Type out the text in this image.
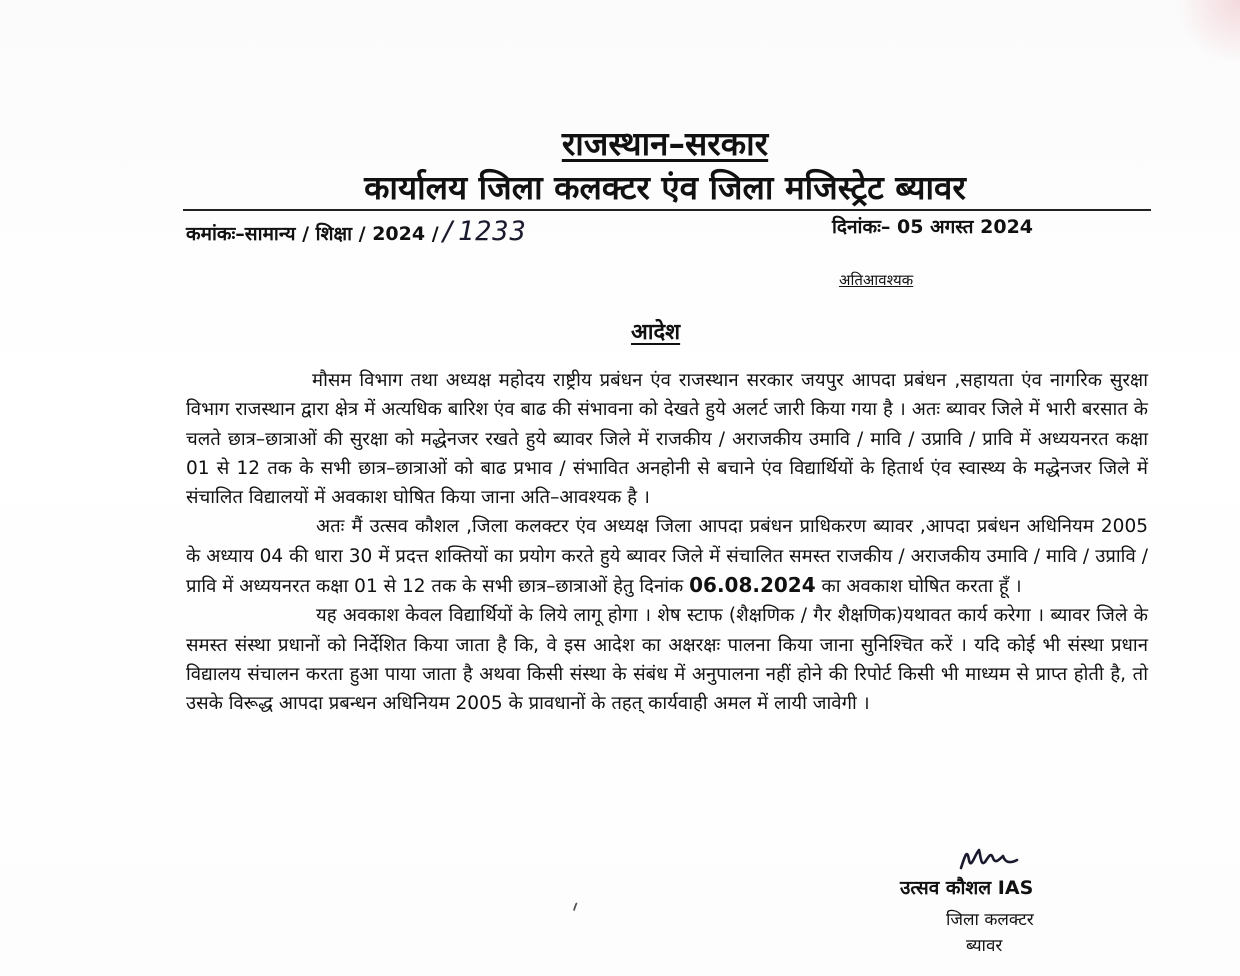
राजस्थान–सरकार
कार्यालय जिला कलक्टर एंव जिला मजिस्ट्रेट ब्यावर
कमांकः–सामान्य / शिक्षा / 2024 //1233	दिनांकः– 05 अगस्त 2024
अतिआवश्यक
आदेश

मौसम विभाग तथा अध्यक्ष महोदय राष्ट्रीय प्रबंधन एंव राजस्थान सरकार जयपुर आपदा प्रबंधन ,सहायता एंव नागरिक सुरक्षा विभाग राजस्थान द्वारा क्षेत्र में अत्यधिक बारिश एंव बाढ की संभावना को देखते हुये अलर्ट जारी किया गया है । अतः ब्यावर जिले में भारी बरसात के चलते छात्र–छात्राओं की सुरक्षा को मद्धेनजर रखते हुये ब्यावर जिले में राजकीय / अराजकीय उमावि / मावि / उप्रावि / प्रावि में अध्ययनरत कक्षा 01 से 12 तक के सभी छात्र–छात्राओं को बाढ प्रभाव / संभावित अनहोनी से बचाने एंव विद्यार्थियों के हितार्थ एंव स्वास्थ्य के मद्धेनजर जिले में संचालित विद्यालयों में अवकाश घोषित किया जाना अति–आवश्यक है ।

अतः मैं उत्सव कौशल ,जिला कलक्टर एंव अध्यक्ष जिला आपदा प्रबंधन प्राधिकरण ब्यावर ,आपदा प्रबंधन अधिनियम 2005 के अध्याय 04 की धारा 30 में प्रदत्त शक्तियों का प्रयोग करते हुये ब्यावर जिले में संचालित समस्त राजकीय / अराजकीय उमावि / मावि / उप्रावि / प्रावि में अध्ययनरत कक्षा 01 से 12 तक के सभी छात्र–छात्राओं हेतु दिनांक 06.08.2024 का अवकाश घोषित करता हूँ ।

यह अवकाश केवल विद्यार्थियों के लिये लागू होगा । शेष स्टाफ (शैक्षणिक / गैर शैक्षणिक)यथावत कार्य करेगा । ब्यावर जिले के समस्त संस्था प्रधानों को निर्देशित किया जाता है कि, वे इस आदेश का अक्षरक्षः पालना किया जाना सुनिश्चित करें । यदि कोई भी संस्था प्रधान विद्यालय संचालन करता हुआ पाया जाता है अथवा किसी संस्था के संबंध में अनुपालना नहीं होने की रिपोर्ट किसी भी माध्यम से प्राप्त होती है, तो उसके विरूद्ध आपदा प्रबन्धन अधिनियम 2005 के प्रावधानों के तहत् कार्यवाही अमल में लायी जावेगी ।

उत्सव कौशल IAS
जिला कलक्टर
ब्यावर
